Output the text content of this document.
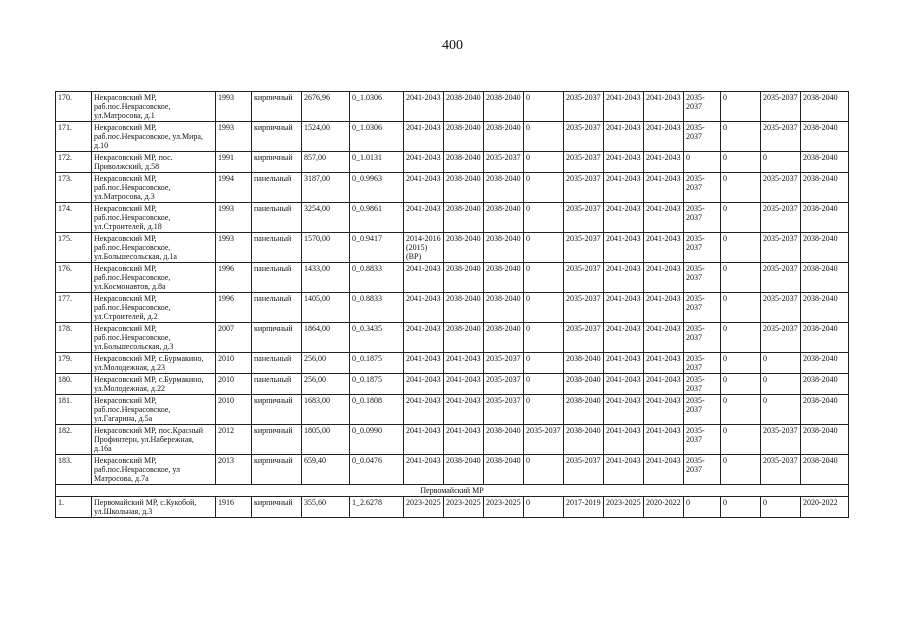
400
170.	Некрасовский МР, раб.пос.Некрасовское, ул.Матросова, д.1	1993	кирпичный	2676,96	0_1.0306	2041-2043	2038-2040	2038-2040	0	2035-2037	2041-2043	2041-2043	2035-2037	0	2035-2037	2038-2040
171.	Некрасовский МР, раб.пос.Некрасовское, ул.Мира, д.10	1993	кирпичный	1524,00	0_1.0306	2041-2043	2038-2040	2038-2040	0	2035-2037	2041-2043	2041-2043	2035-2037	0	2035-2037	2038-2040
172.	Некрасовский МР, пос. Приволжский, д.58	1991	кирпичный	857,00	0_1.0131	2041-2043	2038-2040	2035-2037	0	2035-2037	2041-2043	2041-2043	0	0	0	2038-2040
173.	Некрасовский МР, раб.пос.Некрасовское, ул.Матросова, д.3	1994	панельный	3187,00	0_0.9963	2041-2043	2038-2040	2038-2040	0	2035-2037	2041-2043	2041-2043	2035-2037	0	2035-2037	2038-2040
174.	Некрасовский МР, раб.пос.Некрасовское, ул.Строителей, д.18	1993	панельный	3254,00	0_0.9861	2041-2043	2038-2040	2038-2040	0	2035-2037	2041-2043	2041-2043	2035-2037	0	2035-2037	2038-2040
175.	Некрасовский МР, раб.пос.Некрасовское, ул.Большесольская, д.1а	1993	панельный	1570,00	0_0.9417	2014-2016 (2015) (ВР)	2038-2040	2038-2040	0	2035-2037	2041-2043	2041-2043	2035-2037	0	2035-2037	2038-2040
176.	Некрасовский МР, раб.пос.Некрасовское, ул.Космонавтов, д.8а	1996	панельный	1433,00	0_0.8833	2041-2043	2038-2040	2038-2040	0	2035-2037	2041-2043	2041-2043	2035-2037	0	2035-2037	2038-2040
177.	Некрасовский МР, раб.пос.Некрасовское, ул.Строителей, д.2	1996	панельный	1405,00	0_0.8833	2041-2043	2038-2040	2038-2040	0	2035-2037	2041-2043	2041-2043	2035-2037	0	2035-2037	2038-2040
178.	Некрасовский МР, раб.пос.Некрасовское, ул.Большесольская, д.3	2007	кирпичный	1864,00	0_0.3435	2041-2043	2038-2040	2038-2040	0	2035-2037	2041-2043	2041-2043	2035-2037	0	2035-2037	2038-2040
179.	Некрасовский МР, с.Бурмакино, ул.Молодежная, д.23	2010	панельный	256,00	0_0.1875	2041-2043	2041-2043	2035-2037	0	2038-2040	2041-2043	2041-2043	2035-2037	0	0	2038-2040
180.	Некрасовский МР, с.Бурмакино, ул.Молодежная, д.22	2010	панельный	256,00	0_0.1875	2041-2043	2041-2043	2035-2037	0	2038-2040	2041-2043	2041-2043	2035-2037	0	0	2038-2040
181.	Некрасовский МР, раб.пос.Некрасовское, ул.Гагарина, д.5а	2010	кирпичный	1683,00	0_0.1808	2041-2043	2041-2043	2035-2037	0	2038-2040	2041-2043	2041-2043	2035-2037	0	0	2038-2040
182.	Некрасовский МР, пос.Красный Профинтерн, ул.Набережная, д.16а	2012	кирпичный	1805,00	0_0.0990	2041-2043	2041-2043	2038-2040	2035-2037	2038-2040	2041-2043	2041-2043	2035-2037	0	2035-2037	2038-2040
183.	Некрасовский МР, раб.пос.Некрасовское, ул Матросова, д.7а	2013	кирпичный	659,40	0_0.0476	2041-2043	2038-2040	2038-2040	0	2035-2037	2041-2043	2041-2043	2035-2037	0	2035-2037	2038-2040
Первомайский МР																
1.	Первомайский МР, с.Кукобой, ул.Школьная, д.3	1916	кирпичный	355,60	1_2.6278	2023-2025	2023-2025	2023-2025	0	2017-2019	2023-2025	2020-2022	0	0	0	2020-2022
